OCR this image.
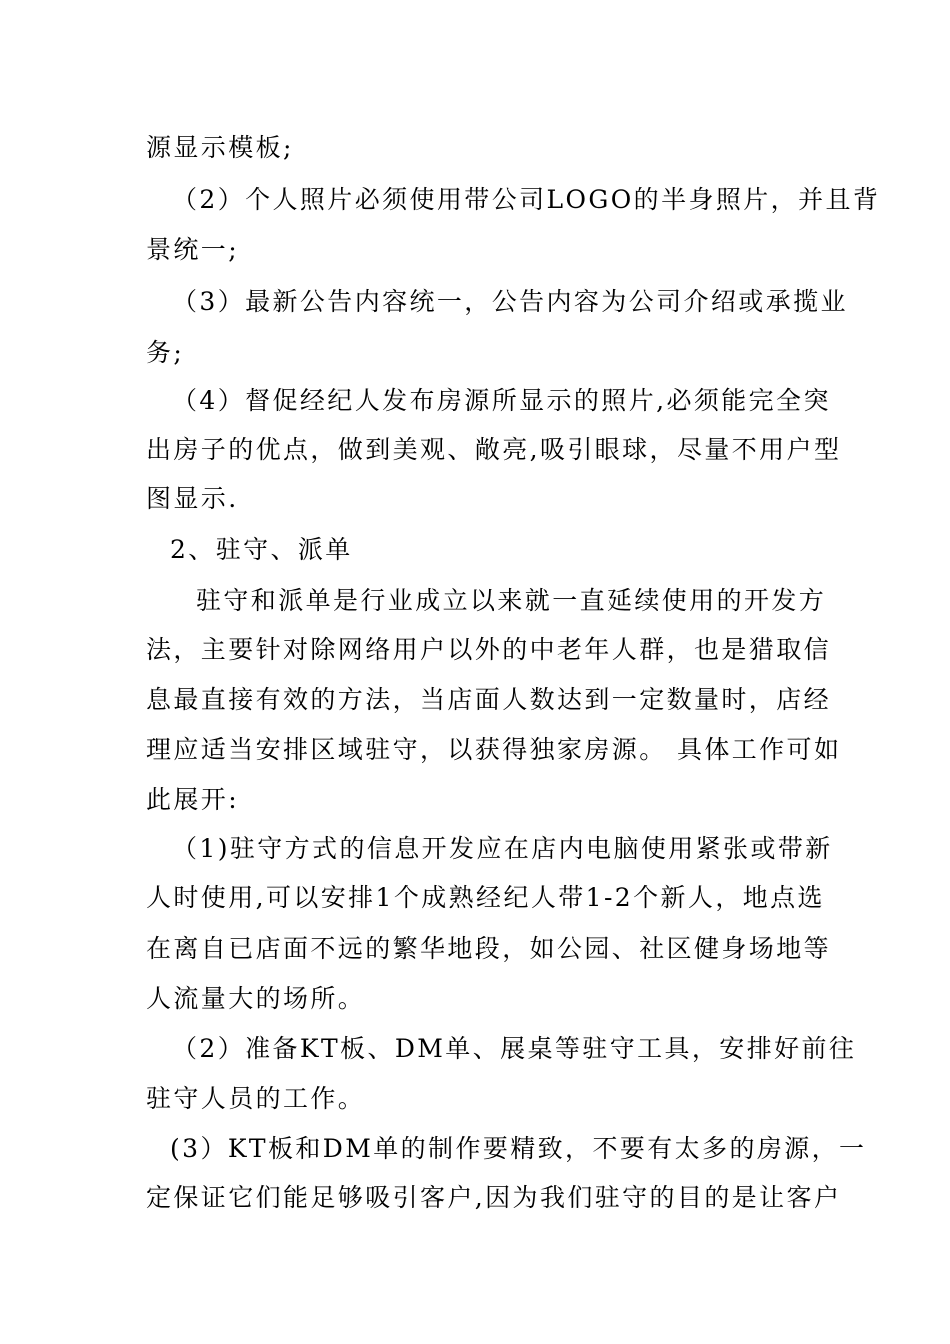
源显示模板;
（2）个人照片必须使用带公司LOGO的半身照片，并且背
景统一;
（3）最新公告内容统一，公告内容为公司介绍或承揽业
务;
（4）督促经纪人发布房源所显示的照片,必须能完全突
出房子的优点，做到美观、敞亮,吸引眼球，尽量不用户型
图显示.
2、驻守、派单
驻守和派单是行业成立以来就一直延续使用的开发方
法，主要针对除网络用户以外的中老年人群，也是猎取信
息最直接有效的方法，当店面人数达到一定数量时，店经
理应适当安排区域驻守，以获得独家房源。 具体工作可如
此展开:
（1)驻守方式的信息开发应在店内电脑使用紧张或带新
人时使用,可以安排1个成熟经纪人带1-2个新人，地点选
在离自已店面不远的繁华地段，如公园、社区健身场地等
人流量大的场所。
（2）准备KT板、DM单、展桌等驻守工具，安排好前往
驻守人员的工作。
(3）KT板和DM单的制作要精致，不要有太多的房源，一
定保证它们能足够吸引客户,因为我们驻守的目的是让客户
